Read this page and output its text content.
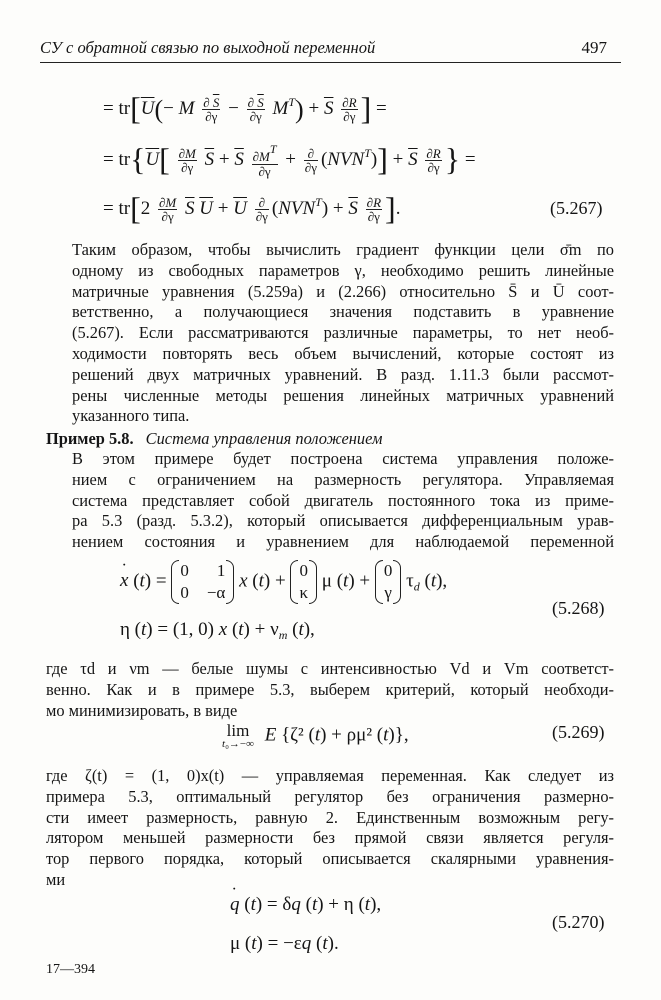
СУ с обратной связью по выходной переменной	497
= $tr[\overline{U}(- M \frac{\partial \overline{S}}{\partial\gamma} - \frac{\partial \overline{S}}{\partial\gamma} M^T) + \overline{S} \frac{\partial R}{\partial\gamma}$ ] =
= $tr\{\overline{U}[ \frac{\partial M}{\partial\gamma} \overline{S} + \overline{S} \frac{\partial MT}{\partial\gamma} + \frac{\partial}{\partial\gamma} (NVN^T)] + \overline{S} \frac{\partial R}{\partial\gamma}$ } =
= $tr[2 \frac{\partial M}{\partial\gamma} \overline{S}$ $\overline{U} + \overline{U} \frac{\partial}{\partial\gamma} (NVN^T) + \overline{S} \frac{\partial R}{\partial\gamma}$ ].	(5.267)

Таким образом, чтобы вычислить градиент функции цели σ̄m по
одному из свободных параметров γ, необходимо решить линейные
матричные уравнения (5.259а) и (2.266) относительно S̄ и Ū соот-
ветственно, а получающиеся значения подставить в уравнение
(5.267). Если рассматриваются различные параметры, то нет необ-
ходимости повторять весь объем вычислений, которые состоят из
решений двух матричных уравнений. В разд. 1.11.3 были рассмот-
рены численные методы решения линейных матричных уравнений
указанного типа.

Пример 5.8. Система управления положением

В этом примере будет построена система управления положе-
нием с ограничением на размерность регулятора. Управляемая
система представляет собой двигатель постоянного тока из приме-
ра 5.3 (разд. 5.3.2), который описывается дифференциальным урав-
нением состояния и уравнением для наблюдаемой переменной

x · (t) = 0 1
0 −α
x (t) + 0
κ
μ (t) + 0
γ
$\tau_d$ (t),
η (t) = (1, 0) x $(t) + \nu_m$ (t),
(5.268)

где τd и νm — белые шумы с интенсивностью Vd и Vm соответст-
венно. Как и в примере 5.3, выберем критерий, который необходи-
мо минимизировать, в виде

lim
t₀→−∞ E {ζ² (t) + ρμ² (t)},	(5.269)

где ζ(t) = (1, 0)x(t) — управляемая переменная. Как следует из
примера 5.3, оптимальный регулятор без ограничения размерно-
сти имеет размерность, равную 2. Единственным возможным регу-
лятором меньшей размерности без прямой связи является регуля-
тор первого порядка, который описывается скалярными уравнения-
ми

q · (t) = δq (t) + η (t),
μ (t) = −εq (t).
(5.270)
17—394
